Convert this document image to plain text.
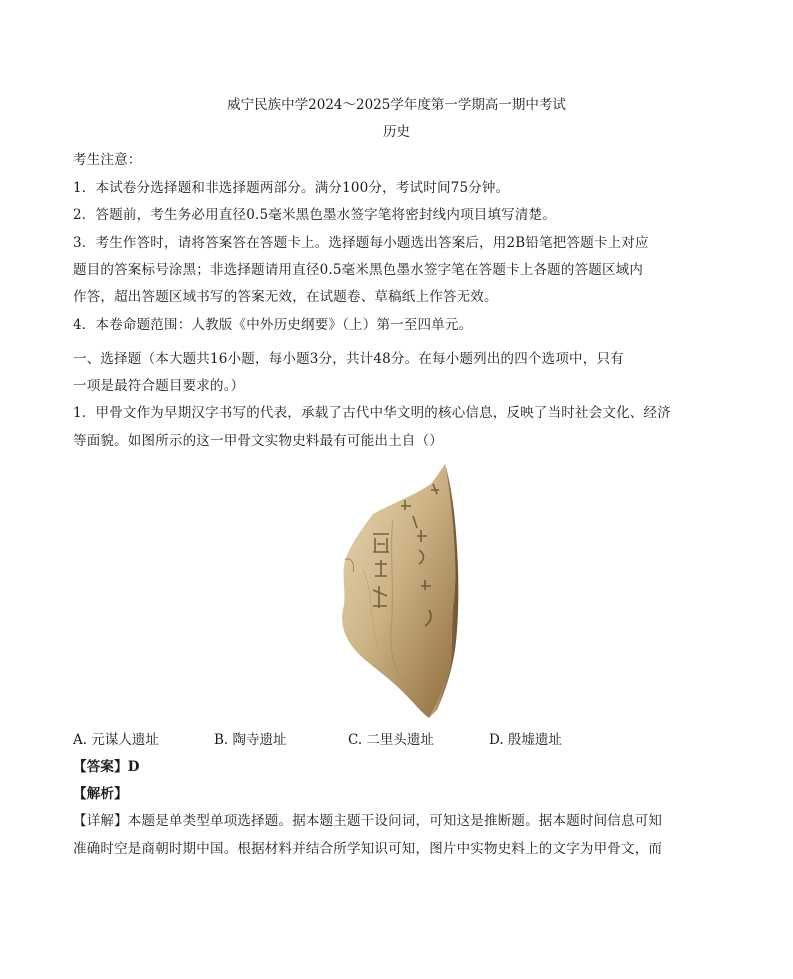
威宁民族中学2024～2025学年度第一学期高一期中考试
历史
考生注意：
1．本试卷分选择题和非选择题两部分。满分100分，考试时间75分钟。
2．答题前，考生务必用直径0.5毫米黑色墨水签字笔将密封线内项目填写清楚。
3．考生作答时，请将答案答在答题卡上。选择题每小题选出答案后，用2B铅笔把答题卡上对应
题目的答案标号涂黑；非选择题请用直径0.5毫米黑色墨水签字笔在答题卡上各题的答题区域内
作答，超出答题区域书写的答案无效，在试题卷、草稿纸上作答无效。
4．本卷命题范围：人教版《中外历史纲要》（上）第一至四单元。
一、选择题（本大题共16小题，每小题3分，共计48分。在每小题列出的四个选项中，只有
一项是最符合题目要求的。）
1．甲骨文作为早期汉字书写的代表，承载了古代中华文明的核心信息，反映了当时社会文化、经济
等面貌。如图所示的这一甲骨文实物史料最有可能出土自（）
A. 元谋人遗址	B. 陶寺遗址	C. 二里头遗址	D. 殷墟遗址
【答案】D
【解析】
【详解】本题是单类型单项选择题。据本题主题干设问词，可知这是推断题。据本题时间信息可知
准确时空是商朝时期中国。根据材料并结合所学知识可知，图片中实物史料上的文字为甲骨文，而
